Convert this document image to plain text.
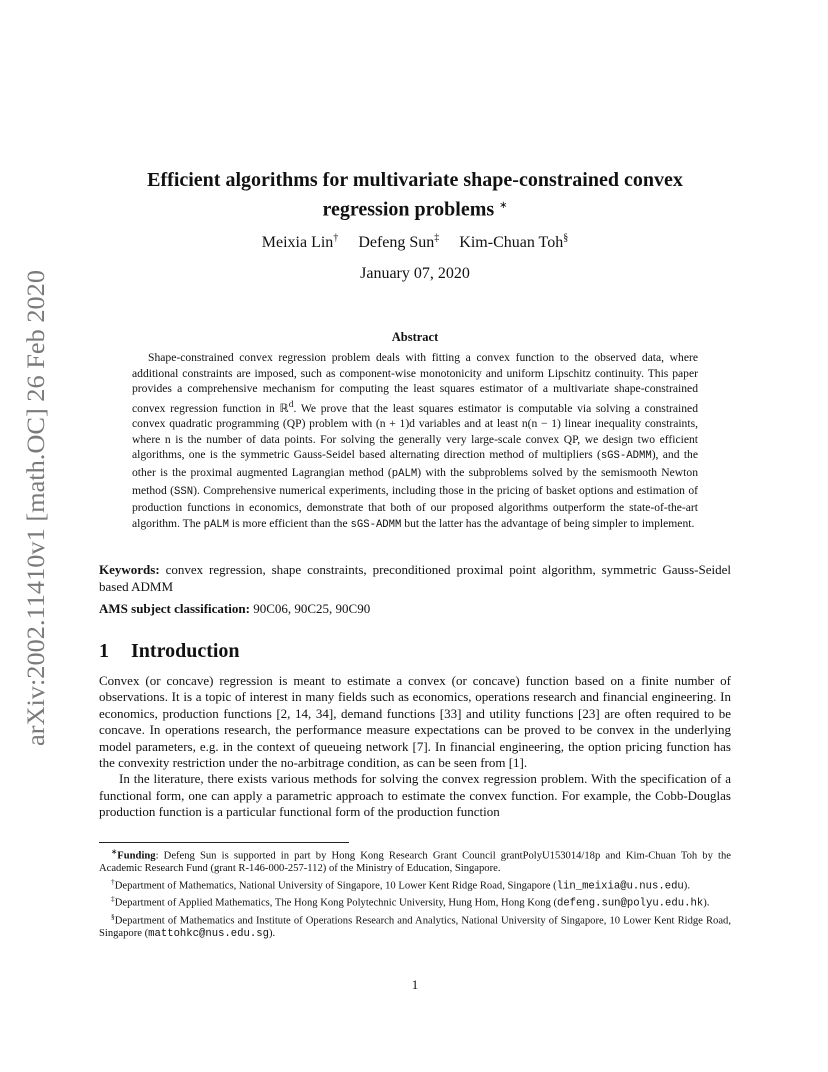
arXiv:2002.11410v1 [math.OC] 26 Feb 2020
Efficient algorithms for multivariate shape-constrained convex
regression problems ∗
Meixia Lin† Defeng Sun‡ Kim-Chuan Toh§
January 07, 2020
Abstract

Shape-constrained convex regression problem deals with fitting a convex function to the observed data, where additional constraints are imposed, such as component-wise monotonicity and uniform Lipschitz continuity. This paper provides a comprehensive mechanism for computing the least squares estimator of a multivariate shape-constrained convex regression function in ℝ$^d$. We prove that the least squares estimator is computable via solving a constrained convex quadratic programming (QP) problem with (n + 1)d variables and at least n(n − 1) linear inequality constraints, where n is the number of data points. For solving the generally very large-scale convex QP, we design two efficient algorithms, one is the symmetric Gauss-Seidel based alternating direction method of multipliers (sGS-ADMM), and the other is the proximal augmented Lagrangian method (pALM) with the subproblems solved by the semismooth Newton method (SSN). Comprehensive numerical experiments, including those in the pricing of basket options and estimation of production functions in economics, demonstrate that both of our proposed algorithms outperform the state-of-the-art algorithm. The pALM is more efficient than the sGS-ADMM but the latter has the advantage of being simpler to implement.

Keywords: convex regression, shape constraints, preconditioned proximal point algorithm, symmetric Gauss-Seidel based ADMM

AMS subject classification: 90C06, 90C25, 90C90

1 Introduction

Convex (or concave) regression is meant to estimate a convex (or concave) function based on a finite number of observations. It is a topic of interest in many fields such as economics, operations research and financial engineering. In economics, production functions [2, 14, 34], demand functions [33] and utility functions [23] are often required to be concave. In operations research, the performance measure expectations can be proved to be convex in the underlying model parameters, e.g. in the context of queueing network [7]. In financial engineering, the option pricing function has the convexity restriction under the no-arbitrage condition, as can be seen from [1].

In the literature, there exists various methods for solving the convex regression problem. With the specification of a functional form, one can apply a parametric approach to estimate the convex function. For example, the Cobb-Douglas production function is a particular functional form of the production function

∗Funding: Defeng Sun is supported in part by Hong Kong Research Grant Council grantPolyU153014/18p and Kim-Chuan Toh by the Academic Research Fund (grant R-146-000-257-112) of the Ministry of Education, Singapore.

†Department of Mathematics, National University of Singapore, 10 Lower Kent Ridge Road, Singapore (lin_meixia@u.nus.edu).

‡Department of Applied Mathematics, The Hong Kong Polytechnic University, Hung Hom, Hong Kong (defeng.sun@polyu.edu.hk).

§Department of Mathematics and Institute of Operations Research and Analytics, National University of Singapore, 10 Lower Kent Ridge Road, Singapore (mattohkc@nus.edu.sg).

1
